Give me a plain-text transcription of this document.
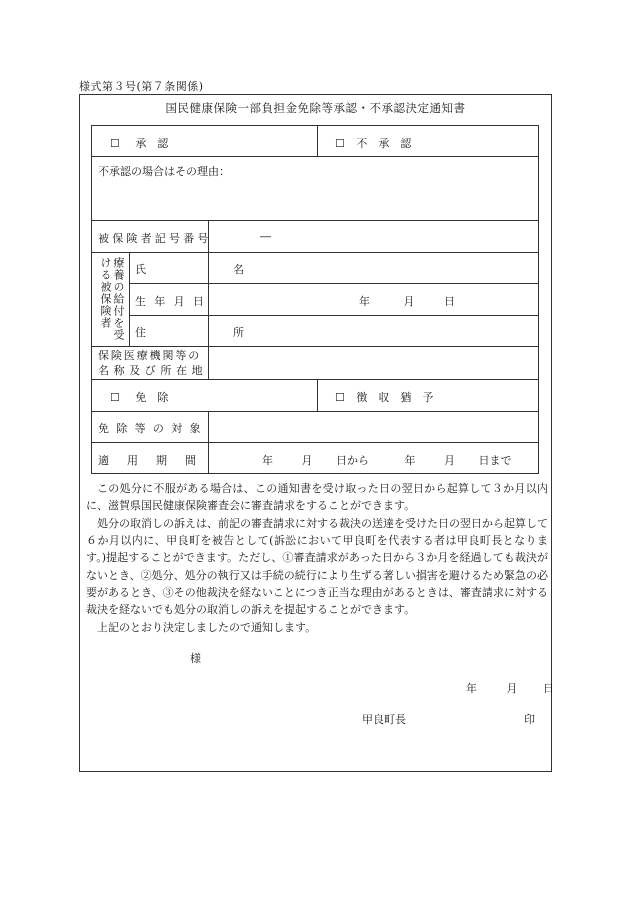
様式第３号(第７条関係)
国民健康保険一部負担金免除等承認・不承認決定通知書
☐ 承　認	☐ 不　承　認
不承認の場合はその理由：
被保険者記号番号	―
療養の給付を受ける被保険者	氏　名
生年月日	年	月	日
住　所
保険医療機関等の
名称及び所在地
☐ 免　除	☐ 徴　収　猶　予
免除等の対象
適用期間	年	月 日から	年	月 日まで
この処分に不服がある場合は、この通知書を受け取った日の翌日から起算して３か月以内に、滋賀県国民健康保険審査会に審査請求をすることができます。
処分の取消しの訴えは、前記の審査請求に対する裁決の送達を受けた日の翌日から起算して６か月以内に、甲良町を被告として(訴訟において甲良町を代表する者は甲良町長となります。)提起することができます。ただし、①審査請求があった日から３か月を経過しても裁決がないとき、②処分、処分の執行又は手続の続行により生ずる著しい損害を避けるため緊急の必要があるとき、③その他裁決を経ないことにつき正当な理由があるときは、審査請求に対する裁決を経ないでも処分の取消しの訴えを提起することができます。
上記のとおり決定しましたので通知します。
様
年	月 日
甲良町長	印
